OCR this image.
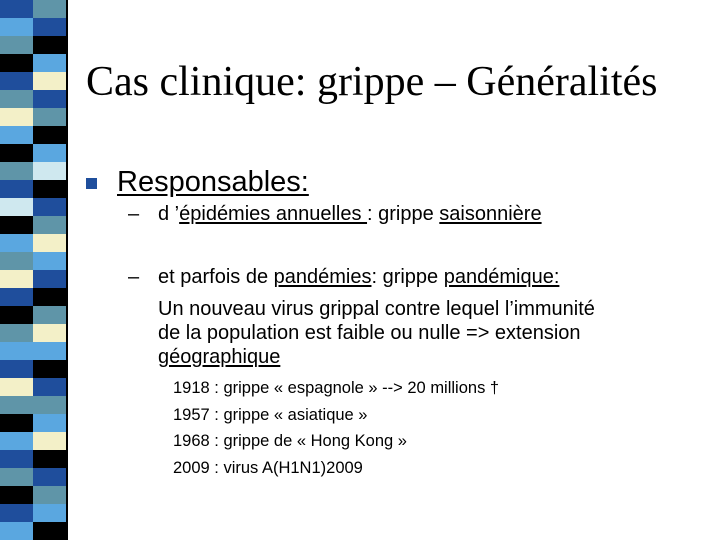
Cas clinique: grippe – Généralités
Responsables:
– d ’épidémies annuelles : grippe saisonnière
– et parfois de pandémies: grippe pandémique:
Un nouveau virus grippal contre lequel l’immunité
de la population est faible ou nulle => extension
géographique
1918 : grippe « espagnole » --> 20 millions †
1957 : grippe « asiatique »
1968 : grippe de « Hong Kong »
2009 : virus A(H1N1)2009
